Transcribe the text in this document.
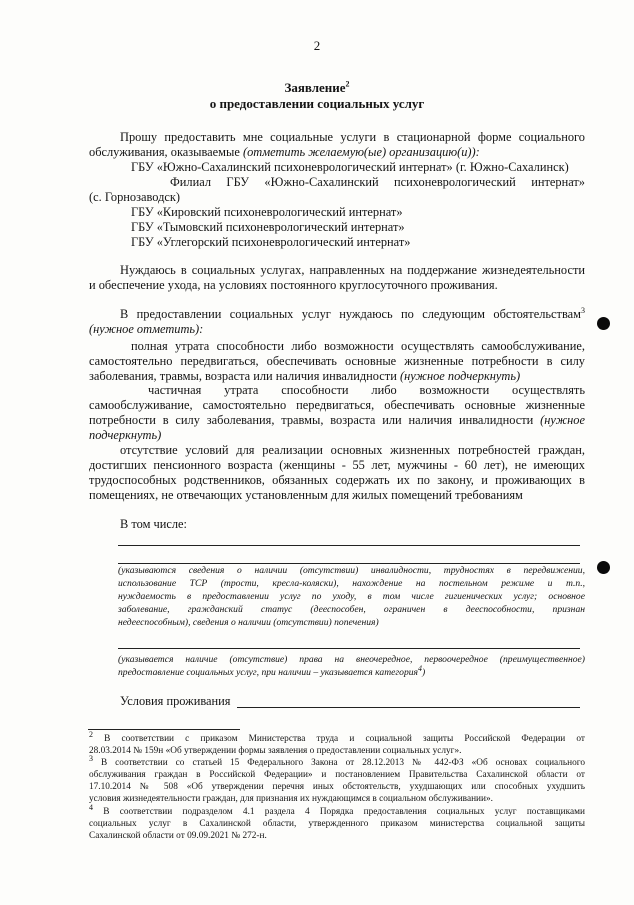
2
Заявление$^2$
о предоставлении социальных услуг
Прошу предоставить мне социальные услуги в стационарной форме социального
обслуживания, оказываемые (отметить желаемую(ые) организацию(и)):
ГБУ «Южно-Сахалинский психоневрологический интернат» (г. Южно-Сахалинск)
Филиал ГБУ «Южно-Сахалинский психоневрологический интернат»
(с. Горнозаводск)
ГБУ «Кировский психоневрологический интернат»
ГБУ «Тымовский психоневрологический интернат»
ГБУ «Углегорский психоневрологический интернат»
Нуждаюсь в социальных услугах, направленных на поддержание жизнедеятельности
и обеспечение ухода, на условиях постоянного круглосуточного проживания.
В предоставлении социальных услуг нуждаюсь по следующим обстоятельствам$^3$
(нужное отметить):
полная утрата способности либо возможности осуществлять самообслуживание,
самостоятельно передвигаться, обеспечивать основные жизненные потребности в силу
заболевания, травмы, возраста или наличия инвалидности (нужное подчеркнуть)
частичная утрата способности либо возможности осуществлять
самообслуживание, самостоятельно передвигаться, обеспечивать основные жизненные
потребности в силу заболевания, травмы, возраста или наличия инвалидности (нужное
подчеркнуть)
отсутствие условий для реализации основных жизненных потребностей граждан,
достигших пенсионного возраста (женщины - 55 лет, мужчины - 60 лет), не имеющих
трудоспособных родственников, обязанных содержать их по закону, и проживающих в
помещениях, не отвечающих установленным для жилых помещений требованиям
В том числе:
(указываются сведения о наличии (отсутствии) инвалидности, трудностях в передвижении,
использование ТСР (трости, кресла-коляски), нахождение на постельном режиме и т.п.,
нуждаемость в предоставлении услуг по уходу, в том числе гигиенических услуг; основное
заболевание, гражданский статус (дееспособен, ограничен в дееспособности, признан
недееспособным), сведения о наличии (отсутствии) попечения)
(указывается наличие (отсутствие) права на внеочередное, первоочередное (преимущественное)
предоставление социальных услуг, при наличии – указывается категория$^4$)
Условия проживания
$^2$ В соответствии с приказом Министерства труда и социальной защиты Российской Федерации от
28.03.2014 № 159н «Об утверждении формы заявления о предоставлении социальных услуг».
$^3$ В соответствии со статьей 15 Федерального Закона от 28.12.2013 № 442-ФЗ «Об основах социального
обслуживания граждан в Российской Федерации» и постановлением Правительства Сахалинской области от
17.10.2014 № 508 «Об утверждении перечня иных обстоятельств, ухудшающих или способных ухудшить
условия жизнедеятельности граждан, для признания их нуждающимся в социальном обслуживании».
$^4$ В соответствии подразделом 4.1 раздела 4 Порядка предоставления социальных услуг поставщиками
социальных услуг в Сахалинской области, утвержденного приказом министерства социальной защиты
Сахалинской области от 09.09.2021 № 272-н.
